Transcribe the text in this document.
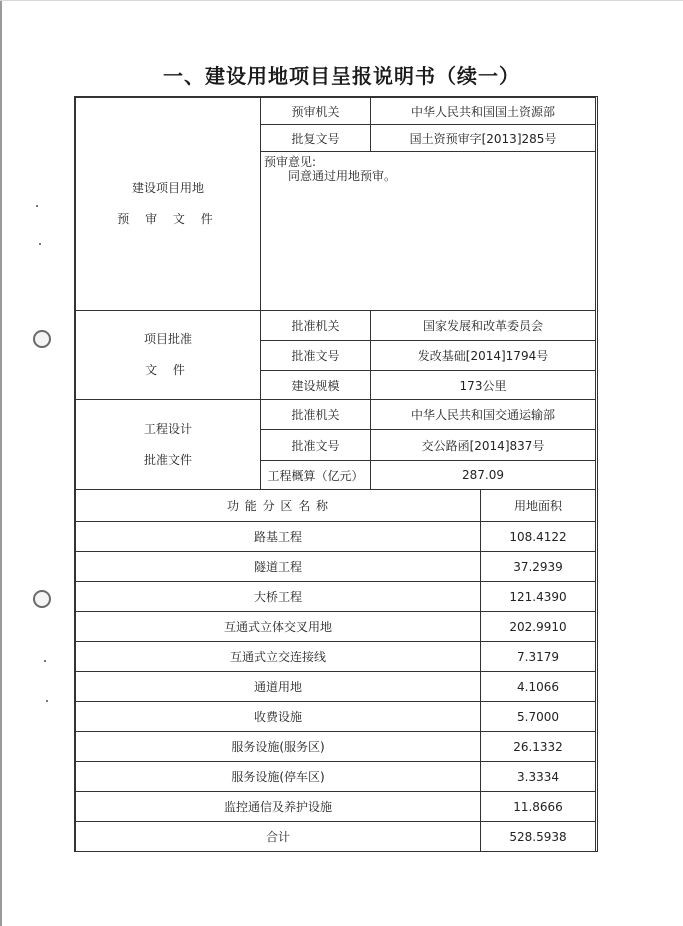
一、建设用地项目呈报说明书（续一）
建设项目用地
预 审 文 件
预审机关	中华人民共和国国土资源部
批复文号	国土资预审字[2013]285号
预审意见:
同意通过用地预审。
项目批准
文 件
批准机关	国家发展和改革委员会
批准文号	发改基础[2014]1794号
建设规模	173公里
工程设计
批准文件
批准机关	中华人民共和国交通运输部
批准文号	交公路函[2014]837号
工程概算（亿元）	287.09
功 能 分 区 名 称	用地面积
路基工程	108.4122
隧道工程	37.2939
大桥工程	121.4390
互通式立体交叉用地	202.9910
互通式立交连接线	7.3179
通道用地	4.1066
收费设施	5.7000
服务设施(服务区)	26.1332
服务设施(停车区)	3.3334
监控通信及养护设施	11.8666
合计	528.5938
